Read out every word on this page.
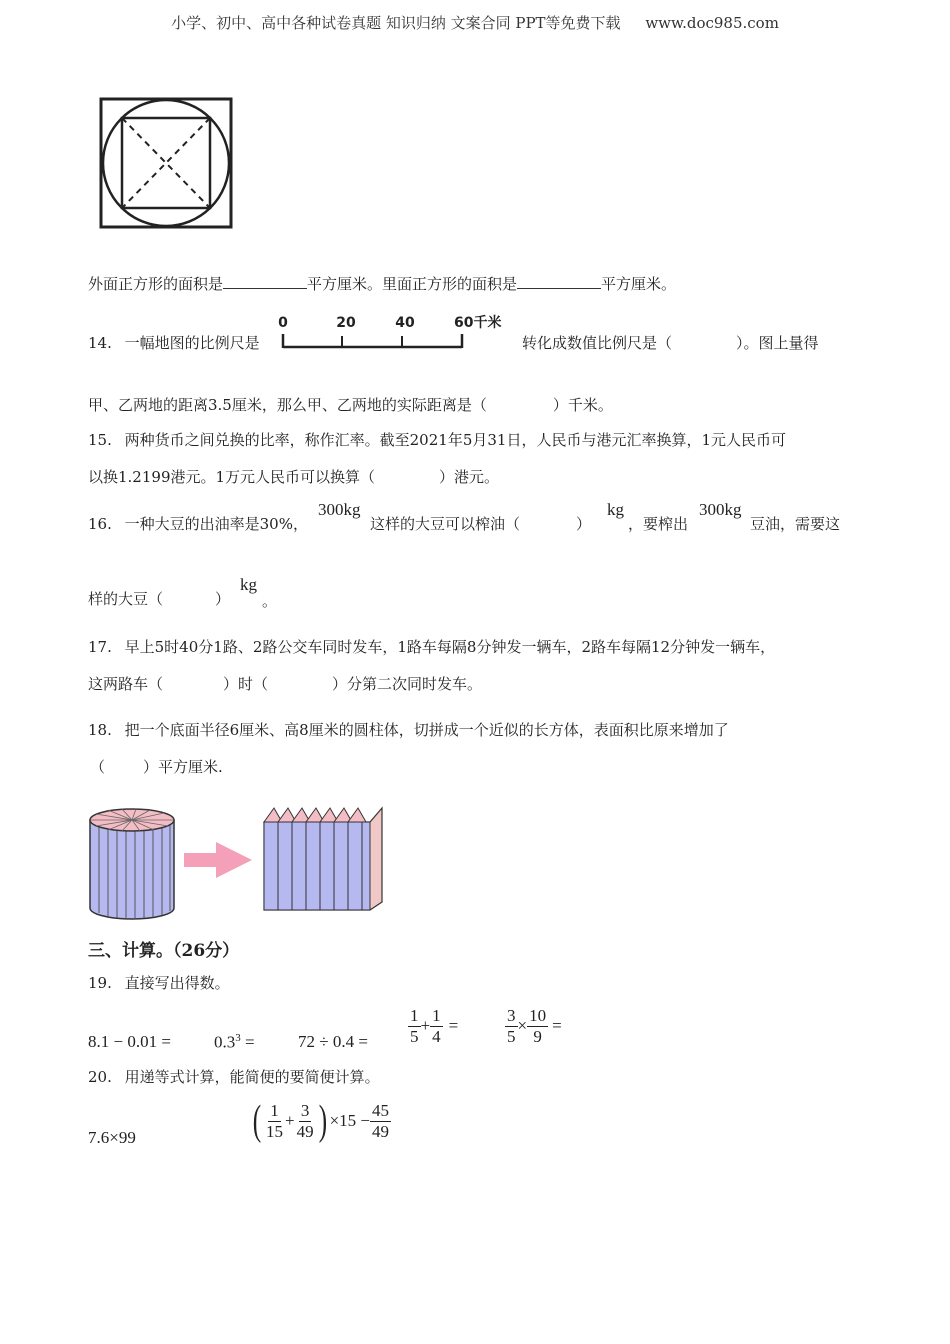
小学、初中、高中各种试卷真题 知识归纳 文案合同 PPT等免费下载 www.doc985.com
外面正方形的面积是	平方厘米。里面正方形的面积是	平方厘米。
14. 一幅地图的比例尺是
0	20	40	60千米
转化成数值比例尺是（	）。图上量得
甲、乙两地的距离3.5厘米，那么甲、乙两地的实际距离是（	）千米。
15. 两种货币之间兑换的比率，称作汇率。截至2021年5月31日，人民币与港元汇率换算，1元人民币可
以换1.2199港元。1万元人民币可以换算（	）港元。
16. 一种大豆的出油率是30%，
300kg
这样的大豆可以榨油（	）
kg
，要榨出
300kg
豆油，需要这
样的大豆（	）
kg
。
17. 早上5时40分1路、2路公交车同时发车，1路车每隔8分钟发一辆车，2路车每隔12分钟发一辆车，
这两路车（	）时（	）分第二次同时发车。
18. 把一个底面半径6厘米、高8厘米的圆柱体，切拼成一个近似的长方体，表面积比原来增加了
（	）平方厘米.
三、计算。（26分）
19. 直接写出得数。
8.1 − 0.01 =	$0.3^3$ =	$72 \div 0.4 = \frac{1}{5} + \frac{1}{4}$ =	$\frac{3}{5} \times \frac{10}{9}$ =
20. 用递等式计算，能简便的要简便计算。
7.6×99	( $\frac{1}{15} + \frac{3}{49}$ ) $\times 15 - \frac{45}{49}$
